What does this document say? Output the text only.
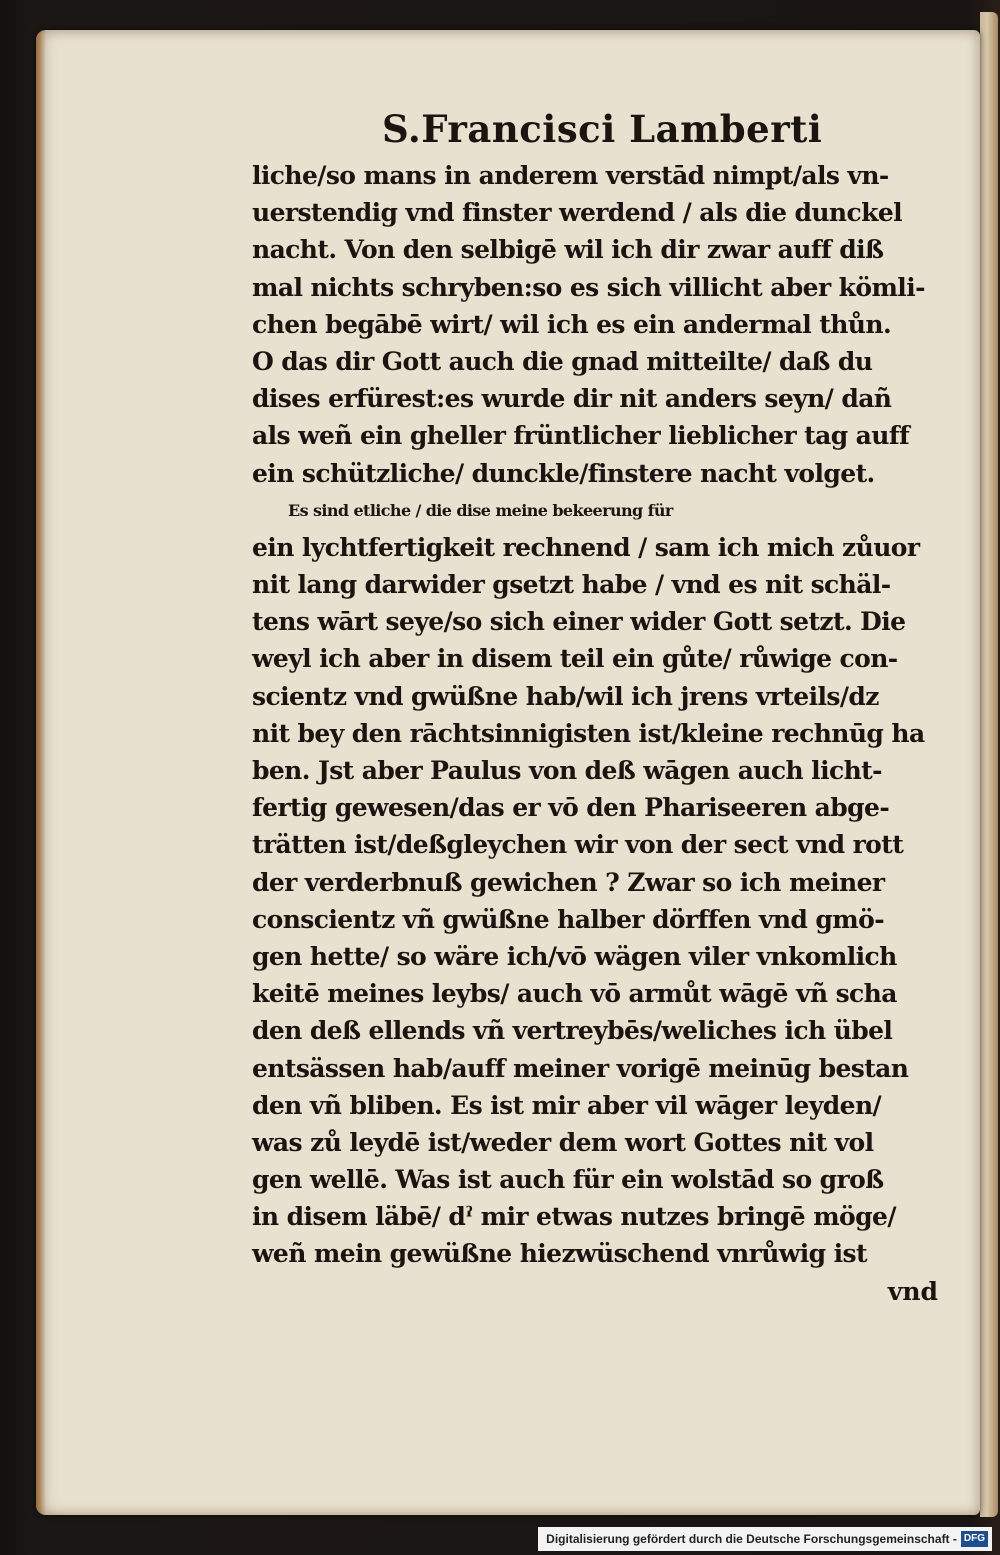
S.Francisci Lamberti
liche/so mans in anderem verstād nimpt/als vn-
uerstendig vnd finster werdend / als die dunckel
nacht. Von den selbigē wil ich dir zwar auff diß
mal nichts schryben:so es sich villicht aber kömli-
chen begābē wirt/ wil ich es ein andermal thůn.
O das dir Gott auch die gnad mitteilte/ daß du
dises erfürest:es wurde dir nit anders seyn/ dañ
als weñ ein gheller früntlicher lieblicher tag auff
ein schützliche/ dunckle/finstere nacht volget.
Es sind etliche / die dise meine bekeerung für
ein lychtfertigkeit rechnend / sam ich mich zůuor
nit lang darwider gsetzt habe / vnd es nit schäl-
tens wārt seye/so sich einer wider Gott setzt. Die
weyl ich aber in disem teil ein gůte/ růwige con-
scientz vnd gwüßne hab/wil ich jrens vrteils/dz
nit bey den rāchtsinnigisten ist/kleine rechnūg ha
ben. Jst aber Paulus von deß wāgen auch licht-
fertig gewesen/das er vō den Phariseeren abge-
trätten ist/deßgleychen wir von der sect vnd rott
der verderbnuß gewichen ? Zwar so ich meiner
conscientz vñ gwüßne halber dörffen vnd gmö-
gen hette/ so wäre ich/vō wägen viler vnkomlich
keitē meines leybs/ auch vō armůt wāgē vñ scha
den deß ellends vñ vertreybēs/weliches ich übel
entsässen hab/auff meiner vorigē meinūg bestan
den vñ bliben. Es ist mir aber vil wāger leyden/
was zů leydē ist/weder dem wort Gottes nit vol
gen wellē. Was ist auch für ein wolstād so groß
in disem läbē/ dˀ mir etwas nutzes bringē möge/
weñ mein gewüßne hiezwüschend vnrůwig ist
vnd
Digitalisierung gefördert durch die Deutsche Forschungsgemeinschaft - DFG
